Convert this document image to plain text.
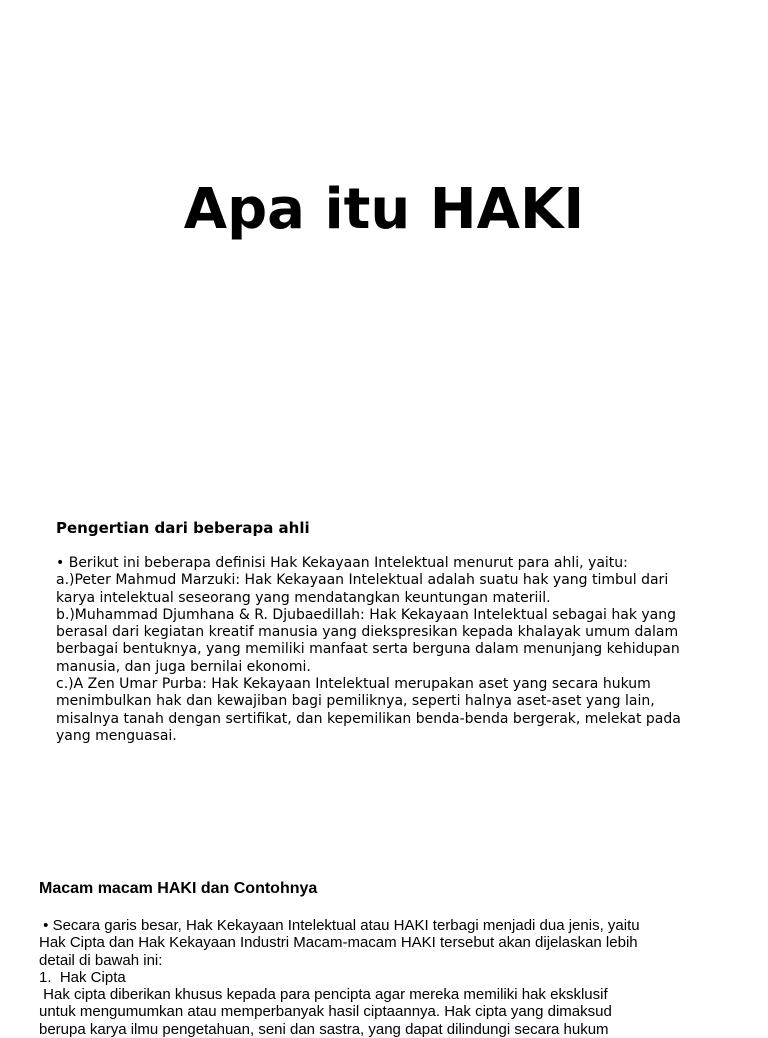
Apa itu HAKI
Pengertian dari beberapa ahli

• Berikut ini beberapa definisi Hak Kekayaan Intelektual menurut para ahli, yaitu:

a.)Peter Mahmud Marzuki: Hak Kekayaan Intelektual adalah suatu hak yang timbul dari

karya intelektual seseorang yang mendatangkan keuntungan materiil.

b.)Muhammad Djumhana & R. Djubaedillah: Hak Kekayaan Intelektual sebagai hak yang

berasal dari kegiatan kreatif manusia yang diekspresikan kepada khalayak umum dalam

berbagai bentuknya, yang memiliki manfaat serta berguna dalam menunjang kehidupan

manusia, dan juga bernilai ekonomi.

c.)A Zen Umar Purba: Hak Kekayaan Intelektual merupakan aset yang secara hukum

menimbulkan hak dan kewajiban bagi pemiliknya, seperti halnya aset-aset yang lain,

misalnya tanah dengan sertifikat, dan kepemilikan benda-benda bergerak, melekat pada

yang menguasai.

Macam macam HAKI dan Contohnya

• Secara garis besar, Hak Kekayaan Intelektual atau HAKI terbagi menjadi dua jenis, yaitu

Hak Cipta dan Hak Kekayaan Industri Macam-macam HAKI tersebut akan dijelaskan lebih

detail di bawah ini:

1.  Hak Cipta

Hak cipta diberikan khusus kepada para pencipta agar mereka memiliki hak eksklusif

untuk mengumumkan atau memperbanyak hasil ciptaannya. Hak cipta yang dimaksud

berupa karya ilmu pengetahuan, seni dan sastra, yang dapat dilindungi secara hukum
